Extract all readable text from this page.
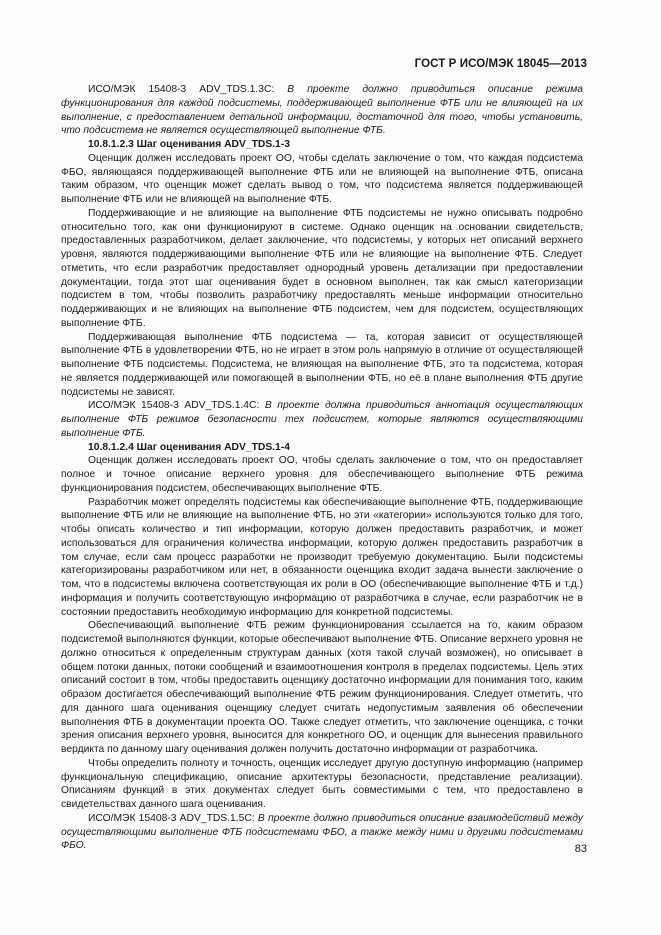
ГОСТ Р ИСО/МЭК 18045—2013

ИСО/МЭК 15408-3 ADV_TDS.1.3С: В проекте должно приводиться описание режима функционирования для каждой подсистемы, поддерживающей выполнение ФТБ или не влияющей на их выполнение, с предоставлением детальной информации, достаточной для того, чтобы установить, что подсистема не является осуществляющей выполнение ФТБ.

10.8.1.2.3 Шаг оценивания ADV_TDS.1-3

Оценщик должен исследовать проект ОО, чтобы сделать заключение о том, что каждая подсистема ФБО, являющаяся поддерживающей выполнение ФТБ или не влияющей на выполнение ФТБ, описана таким образом, что оценщик может сделать вывод о том, что подсистема является поддерживающей выполнение ФТБ или не влияющей на выполнение ФТБ.

Поддерживающие и не влияющие на выполнение ФТБ подсистемы не нужно описывать подробно относительно того, как они функционируют в системе. Однако оценщик на основании свидетельств, предоставленных разработчиком, делает заключение, что подсистемы, у которых нет описаний верхнего уровня, являются поддерживающими выполнение ФТБ или не влияющие на выполнение ФТБ. Следует отметить, что если разработчик предоставляет однородный уровень детализации при предоставлении документации, тогда этот шаг оценивания будет в основном выполнен, так как смысл категоризации подсистем в том, чтобы позволить разработчику предоставлять меньше информации относительно поддерживающих и не влияющих на выполнение ФТБ подсистем, чем для подсистем, осуществляющих выполнение ФТБ.

Поддерживающая выполнение ФТБ подсистема — та, которая зависит от осуществляющей выполнение ФТБ в удовлетворении ФТБ, но не играет в этом роль напрямую в отличие от осуществляющей выполнение ФТБ подсистемы. Подсистема, не влияющая на выполнение ФТБ, это та подсистема, которая не является поддерживающей или помогающей в выполнении ФТБ, но её в плане выполнения ФТБ другие подсистемы не зависят.

ИСО/МЭК 15408-3 ADV_TDS.1.4С: В проекте должна приводиться аннотация осуществляющих выполнение ФТБ режимов безопасности тех подсистем, которые являются осуществляющими выполнение ФТБ.

10.8.1.2.4 Шаг оценивания ADV_TDS.1-4

Оценщик должен исследовать проект ОО, чтобы сделать заключение о том, что он предоставляет полное и точное описание верхнего уровня для обеспечивающего выполнение ФТБ режима функционирования подсистем, обеспечивающих выполнение ФТБ.

Разработчик может определять подсистемы как обеспечивающие выполнение ФТБ, поддерживающие выполнение ФТБ или не влияющие на выполнение ФТБ, но эти «категории» используются только для того, чтобы описать количество и тип информации, которую должен предоставить разработчик, и может использоваться для ограничения количества информации, которую должен предоставить разработчик в том случае, если сам процесс разработки не производит требуемую документацию. Были подсистемы категоризированы разработчиком или нет, в обязанности оценщика входит задача вынести заключение о том, что в подсистемы включена соответствующая их роли в ОО (обеспечивающие выполнение ФТБ и т.д.) информация и получить соответствующую информацию от разработчика в случае, если разработчик не в состоянии предоставить необходимую информацию для конкретной подсистемы.

Обеспечивающий выполнение ФТБ режим функционирования ссылается на то, каким образом подсистемой выполняются функции, которые обеспечивают выполнение ФТБ. Описание верхнего уровня не должно относиться к определенным структурам данных (хотя такой случай возможен), но описывает в общем потоки данных, потоки сообщений и взаимоотношения контроля в пределах подсистемы. Цель этих описаний состоит в том, чтобы предоставить оценщику достаточно информации для понимания того, каким образом достигается обеспечивающий выполнение ФТБ режим функционирования. Следует отметить, что для данного шага оценивания оценщику следует считать недопустимым заявления об обеспечении выполнения ФТБ в документации проекта ОО. Также следует отметить, что заключение оценщика, с точки зрения описания верхнего уровня, выносится для конкретного ОО, и оценщик для вынесения правильного вердикта по данному шагу оценивания должен получить достаточно информации от разработчика.

Чтобы определить полноту и точность, оценщик исследует другую доступную информацию (например функциональную спецификацию, описание архитектуры безопасности, представление реализации). Описаниям функций в этих документах следует быть совместимыми с тем, что предоставлено в свидетельствах данного шага оценивания.

ИСО/МЭК 15408-3 ADV_TDS.1.5С: В проекте должно приводиться описание взаимодействий между осуществляющими выполнение ФТБ подсистемами ФБО, а также между ними и другими подсистемами ФБО.	83
